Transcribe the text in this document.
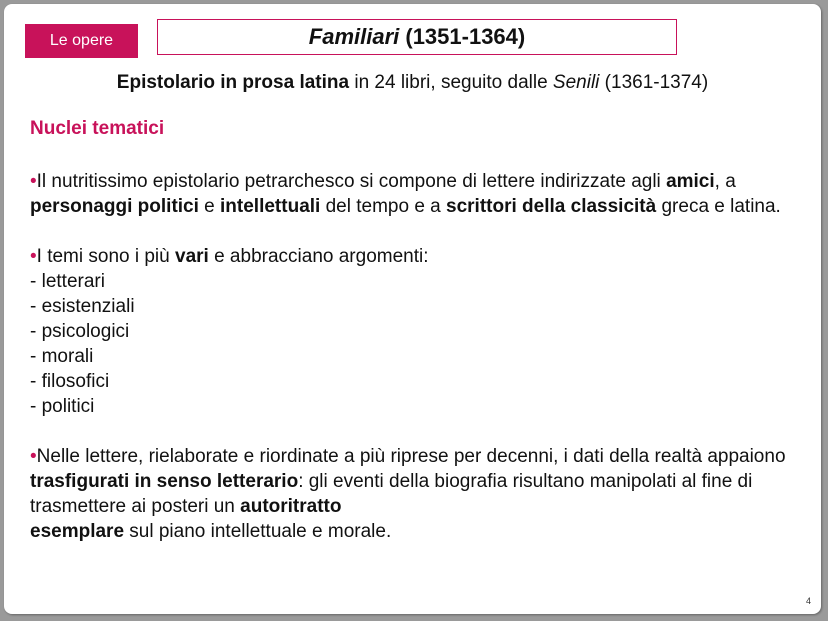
Le opere	Familiari (1351-1364)
Epistolario in prosa latina in 24 libri, seguito dalle Senili (1361-1374)
Nuclei tematici

•Il nutritissimo epistolario petrarchesco si compone di lettere indirizzate agli amici, a
personaggi politici e intellettuali del tempo e a scrittori della classicità greca e latina.

•I temi sono i più vari e abbracciano argomenti:

- letterari

- esistenziali

- psicologici

- morali

- filosofici

- politici

•Nelle lettere, rielaborate e riordinate a più riprese per decenni, i dati della realtà appaiono trasfigurati in senso letterario: gli eventi della biografia risultano manipolati al fine di trasmettere ai posteri un autoritratto
esemplare sul piano intellettuale e morale.

4
